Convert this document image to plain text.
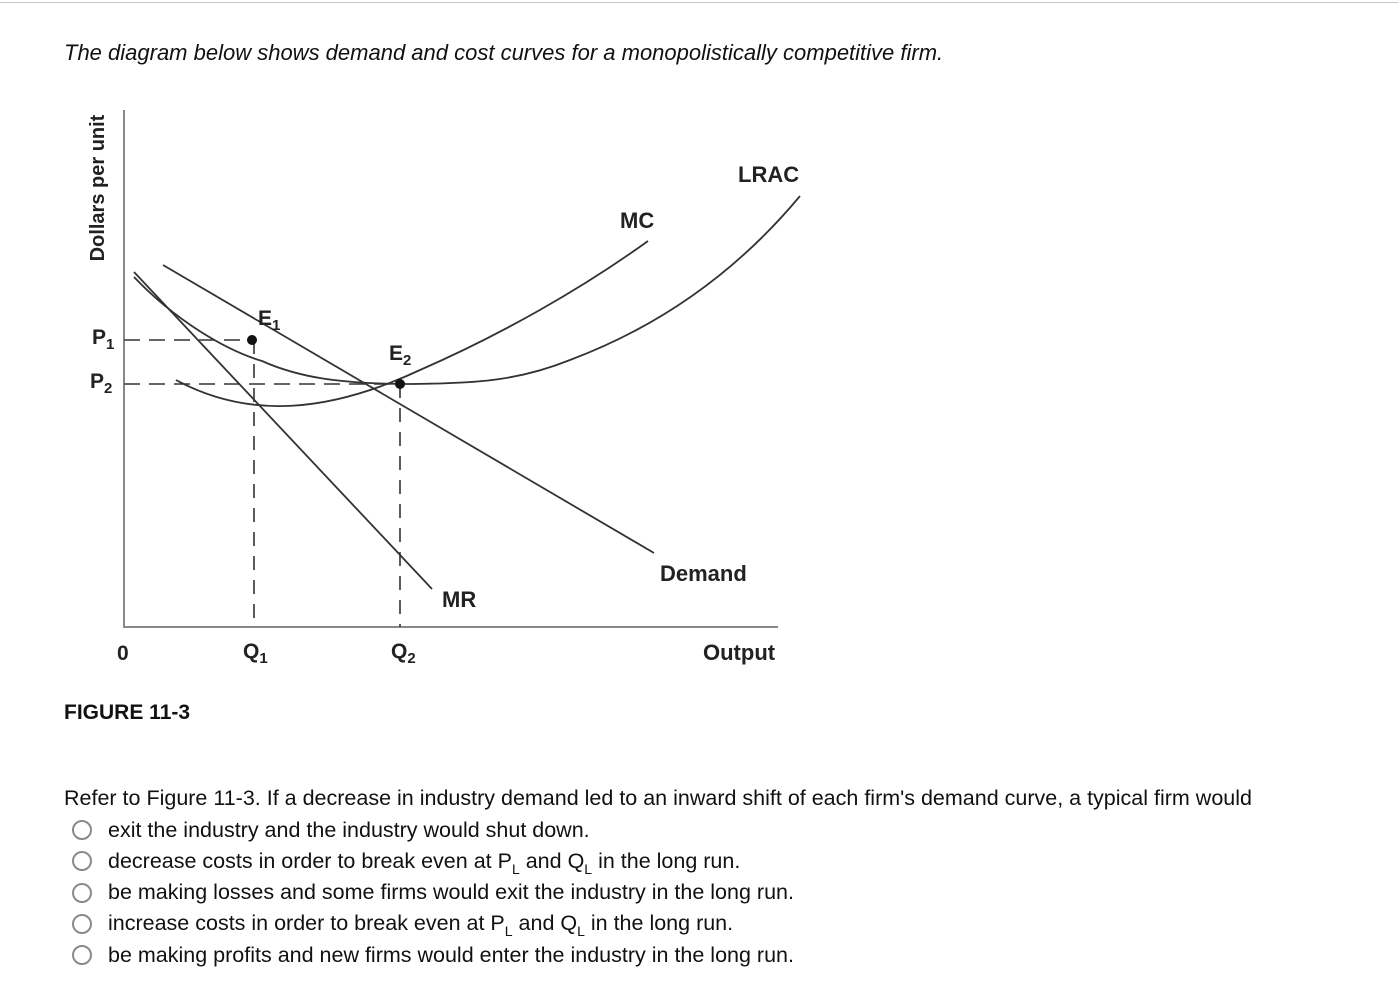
The diagram below shows demand and cost curves for a monopolistically competitive firm.
Dollars per unit
$P_1$
$P_2$
$E_1$
$E_2$
MC
LRAC
Demand
MR
0	$Q_1$	$Q_2$	Output
FIGURE 11-3
Refer to Figure 11-3. If a decrease in industry demand led to an inward shift of each firm's demand curve, a typical firm would
exit the industry and the industry would shut down.
decrease costs in order to break even at $P_L$ and $Q_L$ in the long run.
be making losses and some firms would exit the industry in the long run.
increase costs in order to break even at $P_L$ and $Q_L$ in the long run.
be making profits and new firms would enter the industry in the long run.
